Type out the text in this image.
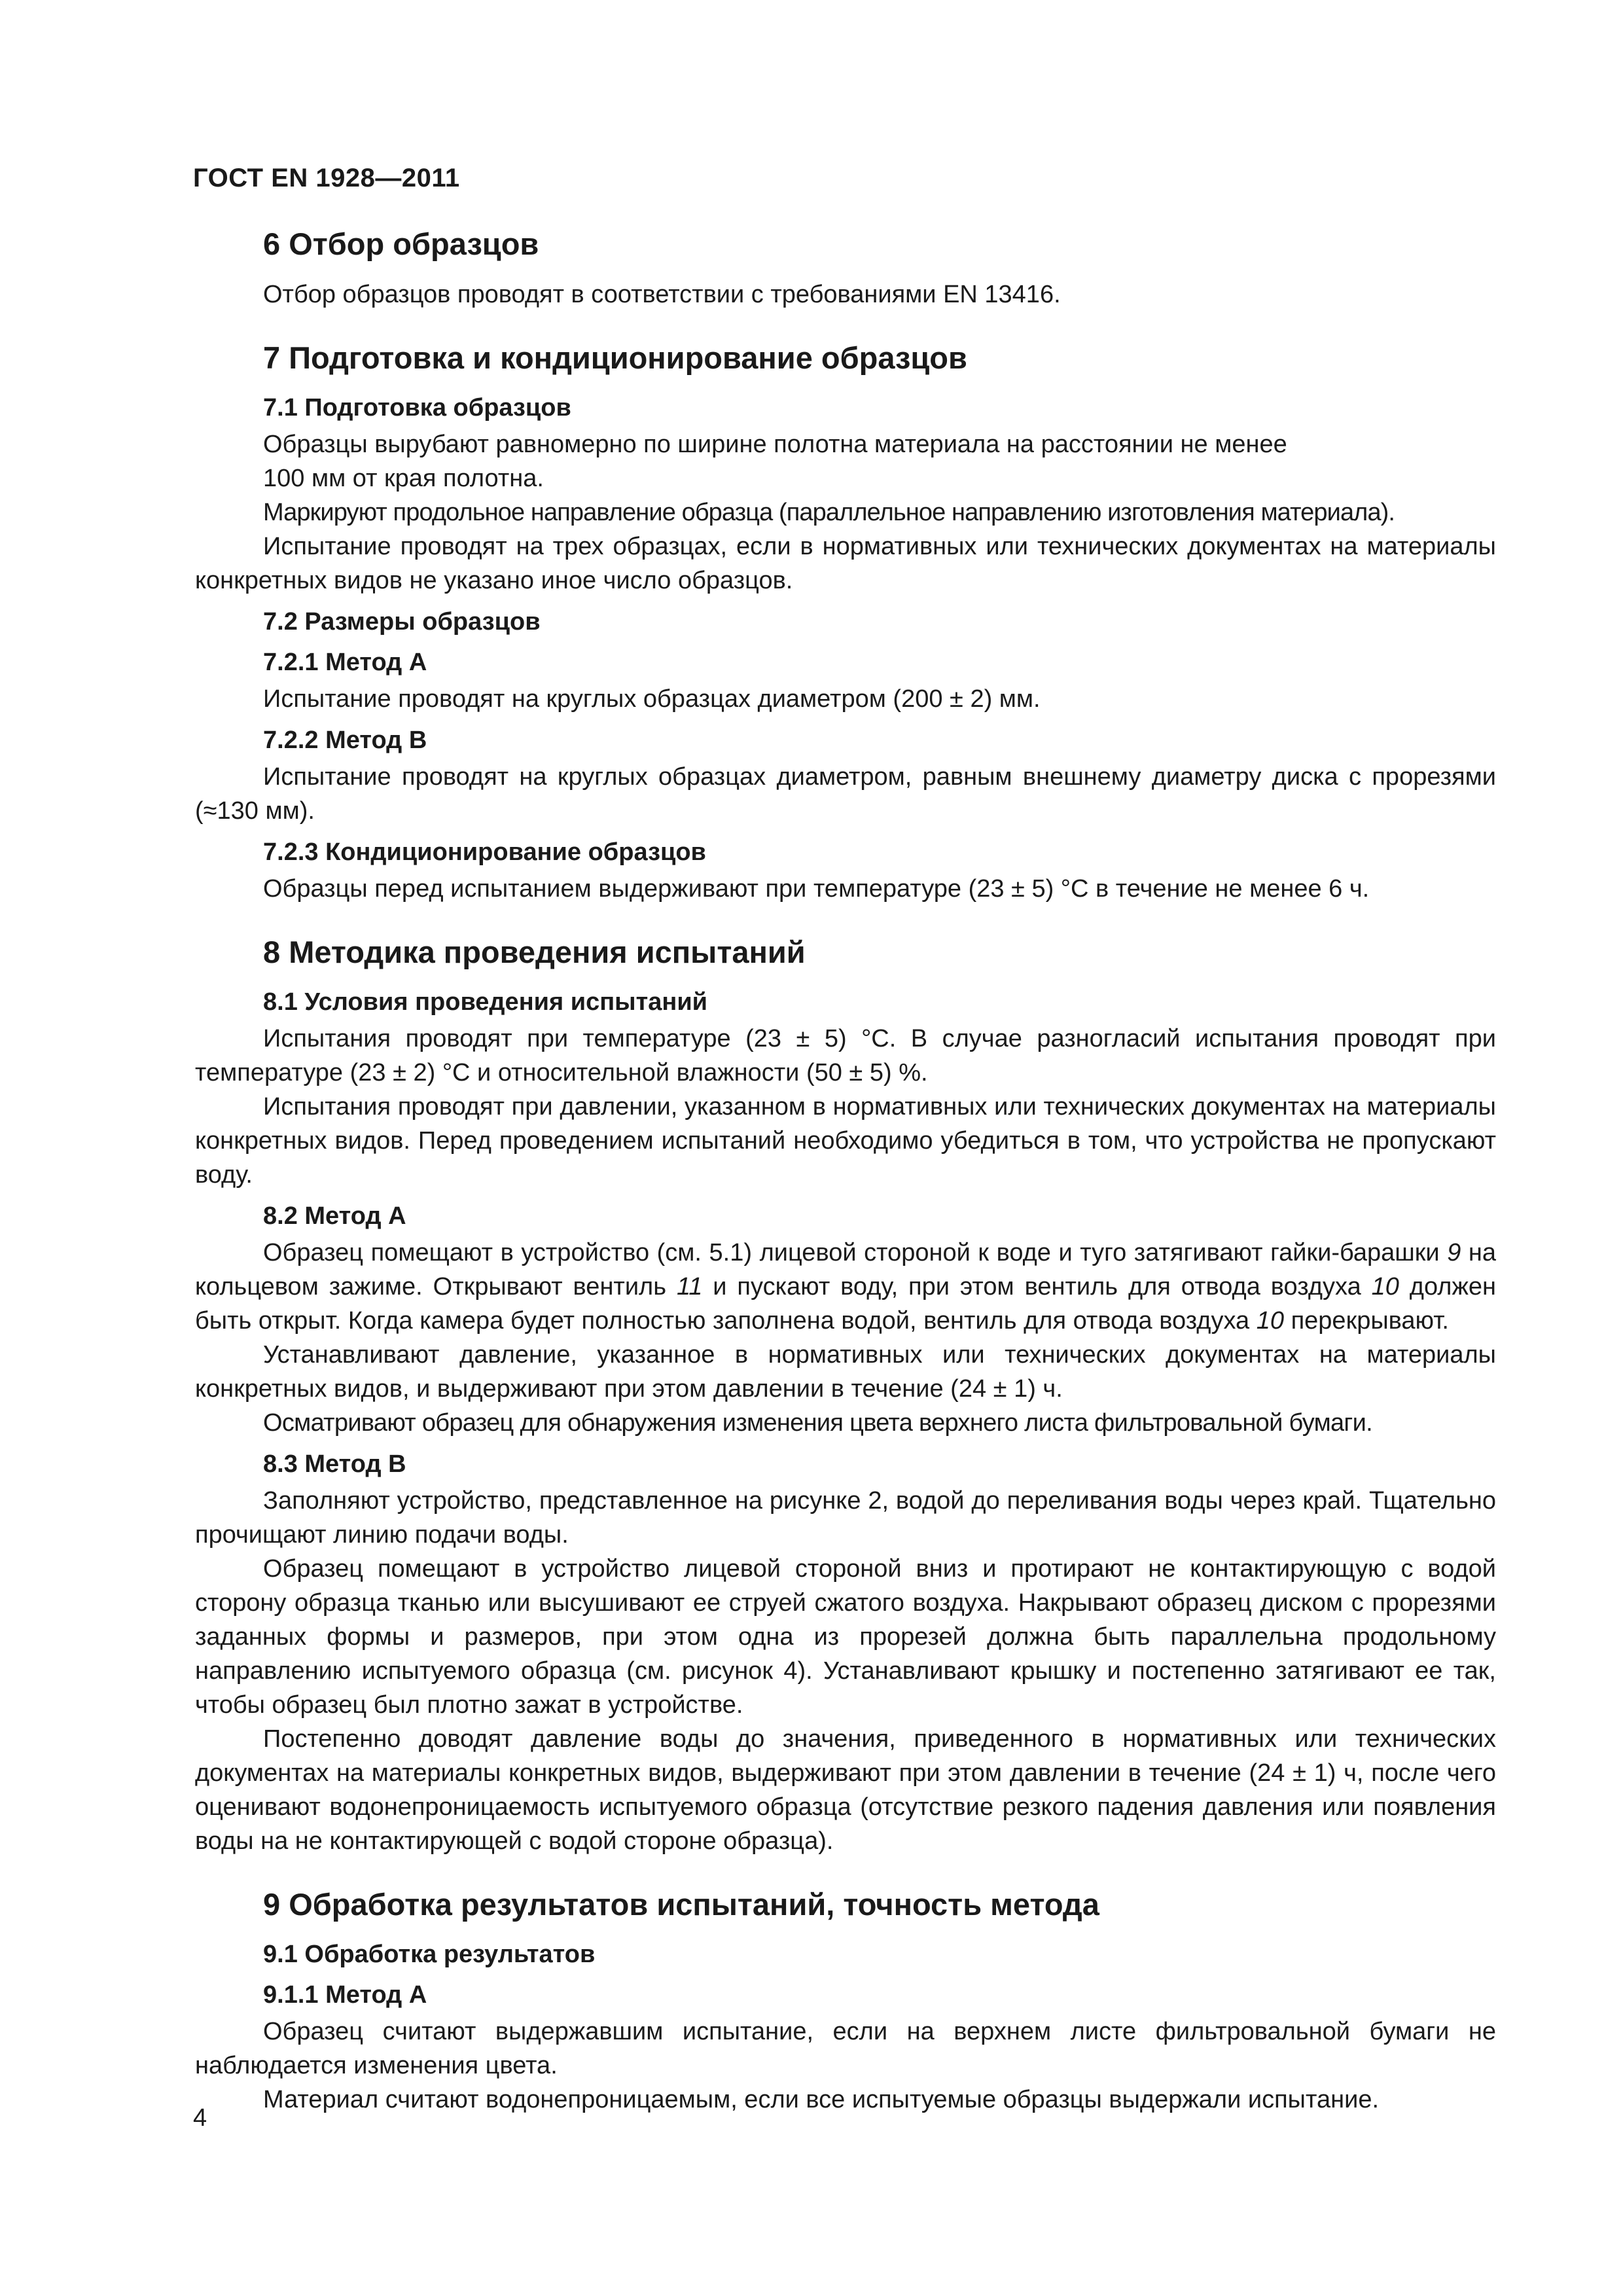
ГОСТ EN 1928—2011

6 Отбор образцов

Отбор образцов проводят в соответствии с требованиями EN 13416.

7 Подготовка и кондиционирование образцов
7.1 Подготовка образцов

Образцы вырубают равномерно по ширине полотна материала на расстоянии не менее

100 мм от края полотна.

Маркируют продольное направление образца (параллельное направлению изготовления материала).

Испытание проводят на трех образцах, если в нормативных или технических документах на материалы конкретных видов не указано иное число образцов.

7.2 Размеры образцов
7.2.1 Метод А

Испытание проводят на круглых образцах диаметром (200 ± 2) мм.

7.2.2 Метод В

Испытание проводят на круглых образцах диаметром, равным внешнему диаметру диска с прорезями (≈130 мм).

7.2.3 Кондиционирование образцов

Образцы перед испытанием выдерживают при температуре (23 ± 5) °С в течение не менее 6 ч.

8 Методика проведения испытаний
8.1 Условия проведения испытаний

Испытания проводят при температуре (23 ± 5) °С. В случае разногласий испытания проводят при температуре (23 ± 2) °С и относительной влажности (50 ± 5) %.

Испытания проводят при давлении, указанном в нормативных или технических документах на материалы конкретных видов. Перед проведением испытаний необходимо убедиться в том, что устройства не пропускают воду.

8.2 Метод А

Образец помещают в устройство (см. 5.1) лицевой стороной к воде и туго затягивают гайки-барашки 9 на кольцевом зажиме. Открывают вентиль 11 и пускают воду, при этом вентиль для отвода воздуха 10 должен быть открыт. Когда камера будет полностью заполнена водой, вентиль для отвода воздуха 10 перекрывают.

Устанавливают давление, указанное в нормативных или технических документах на материалы конкретных видов, и выдерживают при этом давлении в течение (24 ± 1) ч.

Осматривают образец для обнаружения изменения цвета верхнего листа фильтровальной бумаги.

8.3 Метод В

Заполняют устройство, представленное на рисунке 2, водой до переливания воды через край. Тщательно прочищают линию подачи воды.

Образец помещают в устройство лицевой стороной вниз и протирают не контактирующую с водой сторону образца тканью или высушивают ее струей сжатого воздуха. Накрывают образец диском с прорезями заданных формы и размеров, при этом одна из прорезей должна быть параллельна продольному направлению испытуемого образца (см. рисунок 4). Устанавливают крышку и постепенно затягивают ее так, чтобы образец был плотно зажат в устройстве.

Постепенно доводят давление воды до значения, приведенного в нормативных или технических документах на материалы конкретных видов, выдерживают при этом давлении в течение (24 ± 1) ч, после чего оценивают водонепроницаемость испытуемого образца (отсутствие резкого падения давления или появления воды на не контактирующей с водой стороне образца).

9 Обработка результатов испытаний, точность метода
9.1 Обработка результатов
9.1.1 Метод А

Образец считают выдержавшим испытание, если на верхнем листе фильтровальной бумаги не наблюдается изменения цвета.

Материал считают водонепроницаемым, если все испытуемые образцы выдержали испытание.

4
